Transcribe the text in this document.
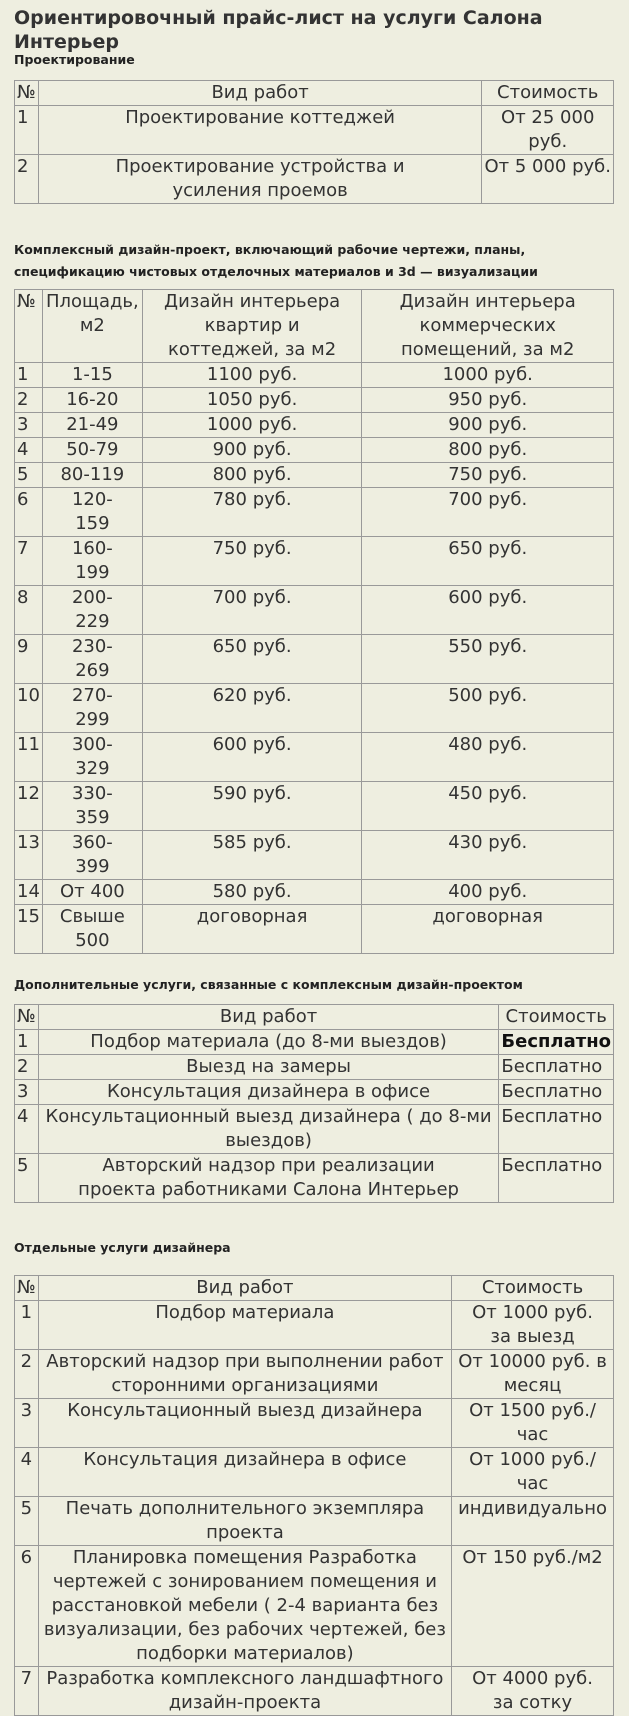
Ориентировочный прайс-лист на услуги Салона Интерьер
Проектирование
№	Вид работ	Стоимость
1	Проектирование коттеджей	От 25 000 руб.
2	Проектирование устройства и усиления проемов	От 5 000 руб.
Комплексный дизайн-проект, включающий рабочие чертежи, планы, спецификацию чистовых отделочных материалов и 3d — визуализации
№	Площадь, м2	Дизайн интерьера квартир и коттеджей, за м2	Дизайн интерьера коммерческих помещений, за м2
1	1-15	1100 руб.	1000 руб.
2	16-20	1050 руб.	950 руб.
3	21-49	1000 руб.	900 руб.
4	50-79	900 руб.	800 руб.
5	80-119	800 руб.	750 руб.
6	120-159	780 руб.	700 руб.
7	160-199	750 руб.	650 руб.
8	200-229	700 руб.	600 руб.
9	230-269	650 руб.	550 руб.
10	270-299	620 руб.	500 руб.
11	300-329	600 руб.	480 руб.
12	330-359	590 руб.	450 руб.
13	360-399	585 руб.	430 руб.
14	От 400	580 руб.	400 руб.
15	Свыше 500	договорная	договорная
Дополнительные услуги, связанные с комплексным дизайн-проектом
№	Вид работ	Стоимость
1	Подбор материала (до 8-ми выездов)	Бесплатно
2	Выезд на замеры	Бесплатно
3	Консультация дизайнера в офисе	Бесплатно
4	Консультационный выезд дизайнера ( до 8-ми выездов)	Бесплатно
5	Авторский надзор при реализации проекта работниками Салона Интерьер	Бесплатно
Отдельные услуги дизайнера
№	Вид работ	Стоимость
1	Подбор материала	От 1000 руб.     за выезд
2	Авторский надзор при выполнении работ сторонними организациями	От 10000 руб. в месяц
3	Консультационный выезд дизайнера	От 1500 руб./ час
4	Консультация дизайнера в офисе	От 1000 руб./ час
5	Печать дополнительного экземпляра проекта	индивидуально
6	Планировка помещения Разработка чертежей с зонированием помещения и расстановкой мебели ( 2-4 варианта без визуализации, без рабочих чертежей, без подборки материалов)	От 150 руб./м2
7	Разработка комплексного ландшафтного дизайн-проекта	От 4000 руб. за сотку
